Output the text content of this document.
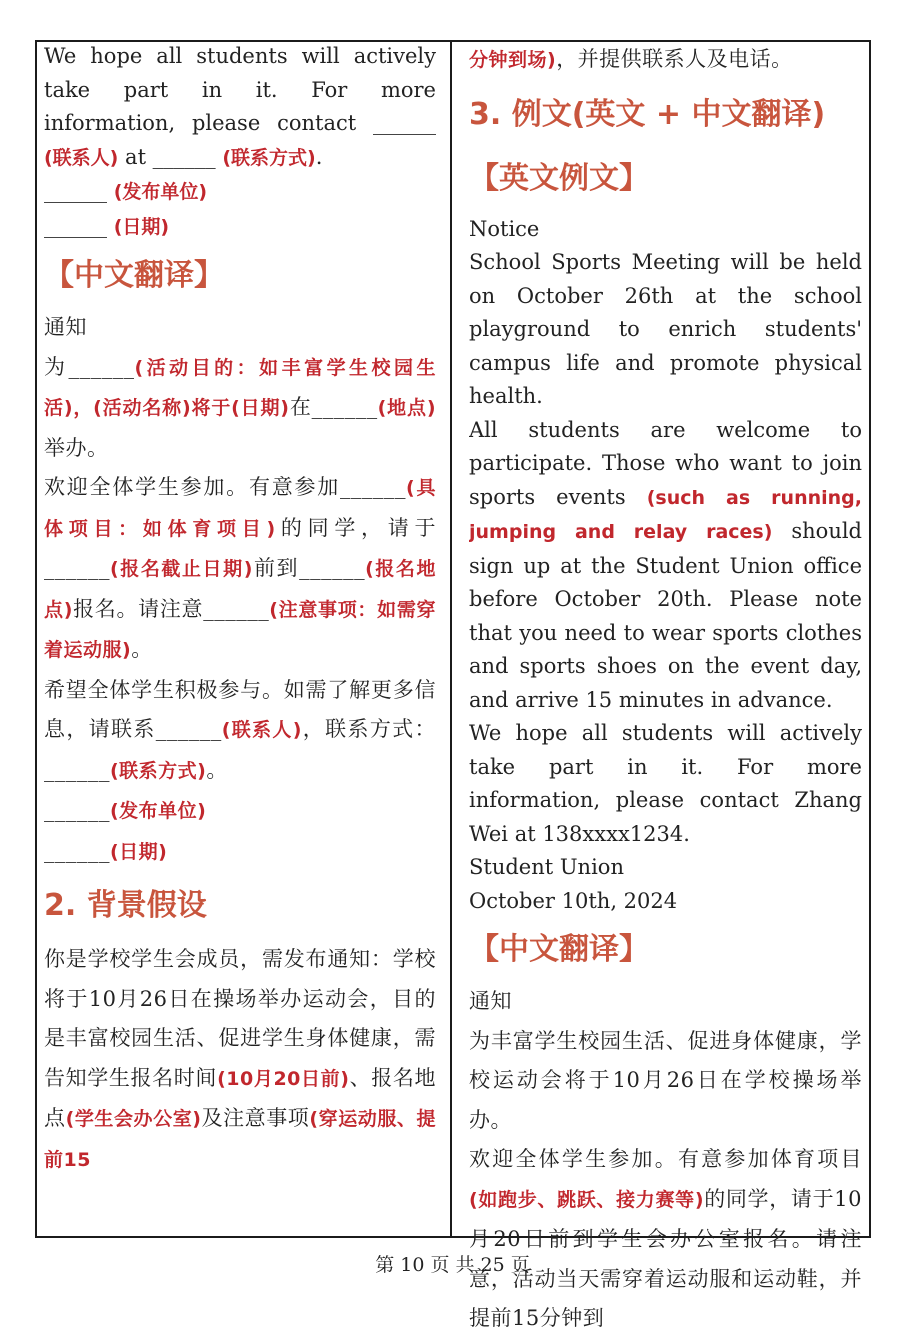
We hope all students will actively take part in it. For more information, please contact ______ (联系人) at ______ (联系方式).

______ (发布单位)

______ (日期)

【中文翻译】

通知

为______(活动目的：如丰富学生校园生活)，(活动名称)将于(日期)在______(地点)举办。

欢迎全体学生参加。有意参加______(具体项目：如体育项目)的同学，请于______(报名截止日期)前到______(报名地点)报名。请注意______(注意事项：如需穿着运动服)。

希望全体学生积极参与。如需了解更多信息，请联系______(联系人)，联系方式：______(联系方式)。

______(发布单位)

______(日期)

2. 背景假设

你是学校学生会成员，需发布通知：学校将于10月26日在操场举办运动会，目的是丰富校园生活、促进学生身体健康，需告知学生报名时间(10月20日前)、报名地点(学生会办公室)及注意事项(穿运动服、提前15

分钟到场)，并提供联系人及电话。

3. 例文(英文 + 中文翻译)

【英文例文】

Notice

School Sports Meeting will be held on October 26th at the school playground to enrich students' campus life and promote physical health.

All students are welcome to participate. Those who want to join sports events (such as running, jumping and relay races) should sign up at the Student Union office before October 20th. Please note that you need to wear sports clothes and sports shoes on the event day, and arrive 15 minutes in advance.

We hope all students will actively take part in it. For more information, please contact Zhang Wei at 138xxxx1234.

Student Union

October 10th, 2024

【中文翻译】

通知

为丰富学生校园生活、促进身体健康，学校运动会将于10月26日在学校操场举办。

欢迎全体学生参加。有意参加体育项目(如跑步、跳跃、接力赛等)的同学，请于10月20日前到学生会办公室报名。请注意，活动当天需穿着运动服和运动鞋，并提前15分钟到

第 10 页 共 25 页
